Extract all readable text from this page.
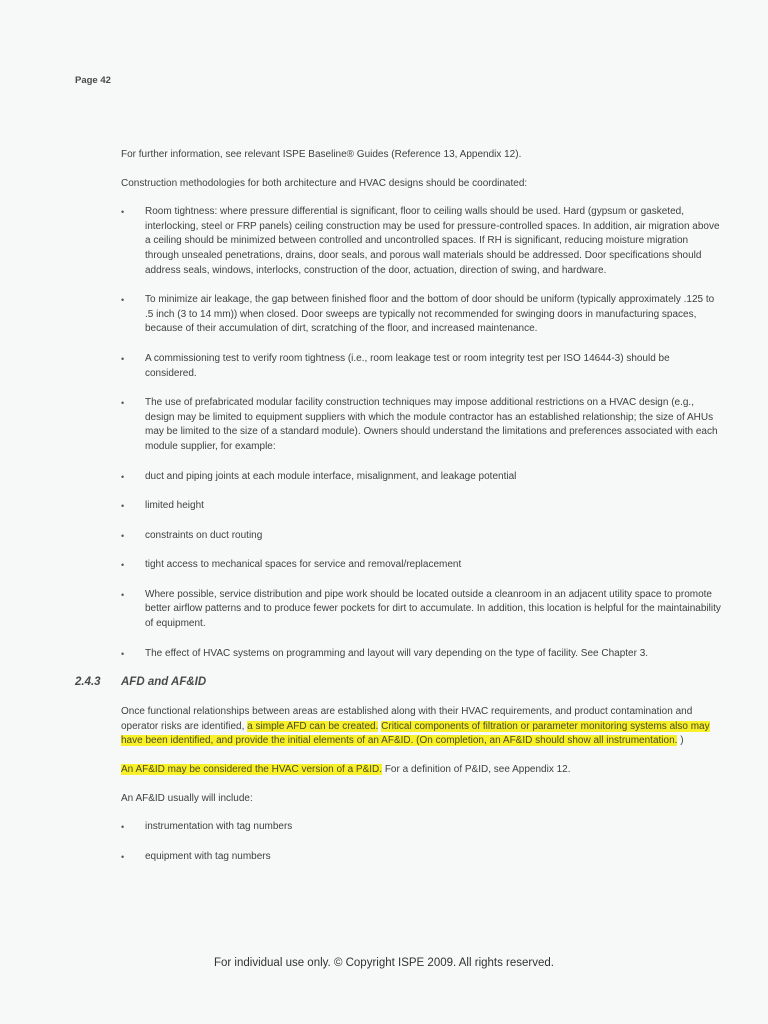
Page 42

For further information, see relevant ISPE Baseline® Guides (Reference 13, Appendix 12).

Construction methodologies for both architecture and HVAC designs should be coordinated:

• Room tightness: where pressure differential is significant, floor to ceiling walls should be used. Hard (gypsum or gasketed, interlocking, steel or FRP panels) ceiling construction may be used for pressure-controlled spaces. In addition, air migration above a ceiling should be minimized between controlled and uncontrolled spaces. If RH is significant, reducing moisture migration through unsealed penetrations, drains, door seals, and porous wall materials should be addressed. Door specifications should address seals, windows, interlocks, construction of the door, actuation, direction of swing, and hardware.
• To minimize air leakage, the gap between finished floor and the bottom of door should be uniform (typically approximately .125 to .5 inch (3 to 14 mm)) when closed. Door sweeps are typically not recommended for swinging doors in manufacturing spaces, because of their accumulation of dirt, scratching of the floor, and increased maintenance.
• A commissioning test to verify room tightness (i.e., room leakage test or room integrity test per ISO 14644-3) should be considered.
• The use of prefabricated modular facility construction techniques may impose additional restrictions on a HVAC design (e.g., design may be limited to equipment suppliers with which the module contractor has an established relationship; the size of AHUs may be limited to the size of a standard module). Owners should understand the limitations and preferences associated with each module supplier, for example:
• duct and piping joints at each module interface, misalignment, and leakage potential
• limited height
• constraints on duct routing
• tight access to mechanical spaces for service and removal/replacement
• Where possible, service distribution and pipe work should be located outside a cleanroom in an adjacent utility space to promote better airflow patterns and to produce fewer pockets for dirt to accumulate. In addition, this location is helpful for the maintainability of equipment.
• The effect of HVAC systems on programming and layout will vary depending on the type of facility. See Chapter 3.
2.4.3 AFD and AF&ID

Once functional relationships between areas are established along with their HVAC requirements, and product contamination and operator risks are identified, a simple AFD can be created. Critical components of filtration or parameter monitoring systems also may have been identified, and provide the initial elements of an AF&ID. (On completion, an AF&ID should show all instrumentation. )

An AF&ID may be considered the HVAC version of a P&ID. For a definition of P&ID, see Appendix 12.

An AF&ID usually will include:

• instrumentation with tag numbers
• equipment with tag numbers
For individual use only. © Copyright ISPE 2009. All rights reserved.
